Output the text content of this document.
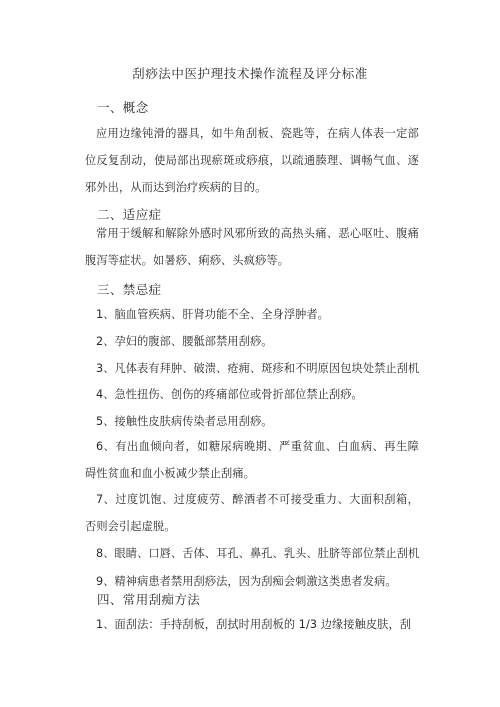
刮痧法中医护理技术操作流程及评分标准
一、概念

应用边缘钝滑的器具，如牛角刮板、瓷匙等，在病人体表一定部位反复刮动，使局部出现瘀斑或痧痕，以疏通腠理、调畅气血、逐邪外出，从而达到治疗疾病的目的。

二、适应症

常用于缓解和解除外感时风邪所致的高热头痛、恶心呕吐、腹痛腹泻等症状。如暑痧、痢痧、头疯痧等。

三、禁忌症
1、脑血管疾病、肝肾功能不全、全身浮肿者。
2、孕妇的腹部、腰骶部禁用刮痧。
3、凡体表有拜肿、破溃、疮痈、斑疹和不明原因包块处禁止刮机
4、急性扭伤、创伤的疼痛部位或骨折部位禁止刮痧。
5、接触性皮肤病传染者忌用刮痧。

6、有出血倾向者，如糖尿病晚期、严重贫血、白血病、再生障碍性贫血和血小板减少禁止刮痛。

7、过度饥饱、过度疲劳、醉酒者不可接受重力、大面积刮箱，否则会引起虚脱。

8、眼睛、口唇、舌体、耳孔、鼻孔、乳头、肚脐等部位禁止刮机
9、精神病患者禁用刮痧法，因为刮痴会刺激这类患者发病。
四、常用刮痴方法
1、面刮法：手持刮板，刮拭时用刮板的 1/3 边缘接触皮肤，刮
